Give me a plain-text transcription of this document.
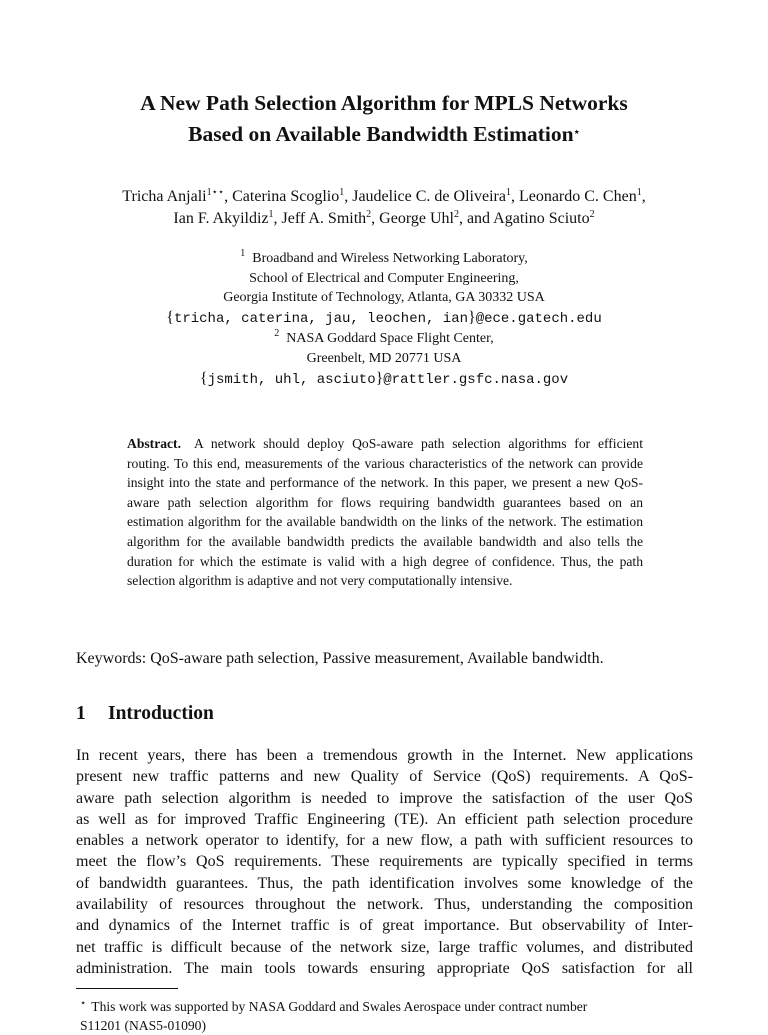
A New Path Selection Algorithm for MPLS Networks
Based on Available Bandwidth Estimation⋆
Tricha Anjali$^{1⋆⋆}$, Caterina Scoglio$^1$, Jaudelice C. de Oliveira$^1$, Leonardo C. Chen$^1$,
Ian F. Akyildiz$^1$, Jeff A. Smith$^2$, George Uhl$^2$, and Agatino Sciuto$^2$
$^1$ Broadband and Wireless Networking Laboratory,
School of Electrical and Computer Engineering,
Georgia Institute of Technology, Atlanta, GA 30332 USA
{tricha, caterina, jau, leochen, ian}@ece.gatech.edu
$^2$ NASA Goddard Space Flight Center,
Greenbelt, MD 20771 USA
{jsmith, uhl, asciuto}@rattler.gsfc.nasa.gov
Abstract. A network should deploy QoS-aware path selection algorithms for efficient routing. To this end, measurements of the various characteristics of the network can provide insight into the state and performance of the network. In this paper, we present a new QoS-aware path selection algorithm for flows requiring bandwidth guarantees based on an estimation algorithm for the available bandwidth on the links of the network. The estimation algorithm for the available bandwidth predicts the available bandwidth and also tells the duration for which the estimate is valid with a high degree of confidence. Thus, the path selection algorithm is adaptive and not very computationally intensive.
Keywords: QoS-aware path selection, Passive measurement, Available bandwidth.
1 Introduction
In recent years, there has been a tremendous growth in the Internet. New applications
present new traffic patterns and new Quality of Service (QoS) requirements. A QoS-
aware path selection algorithm is needed to improve the satisfaction of the user QoS
as well as for improved Traffic Engineering (TE). An efficient path selection procedure
enables a network operator to identify, for a new flow, a path with sufficient resources to
meet the flow’s QoS requirements. These requirements are typically specified in terms
of bandwidth guarantees. Thus, the path identification involves some knowledge of the
availability of resources throughout the network. Thus, understanding the composition
and dynamics of the Internet traffic is of great importance. But observability of Inter-
net traffic is difficult because of the network size, large traffic volumes, and distributed
administration. The main tools towards ensuring appropriate QoS satisfaction for all
⋆ This work was supported by NASA Goddard and Swales Aerospace under contract number
S11201 (NAS5-01090)
